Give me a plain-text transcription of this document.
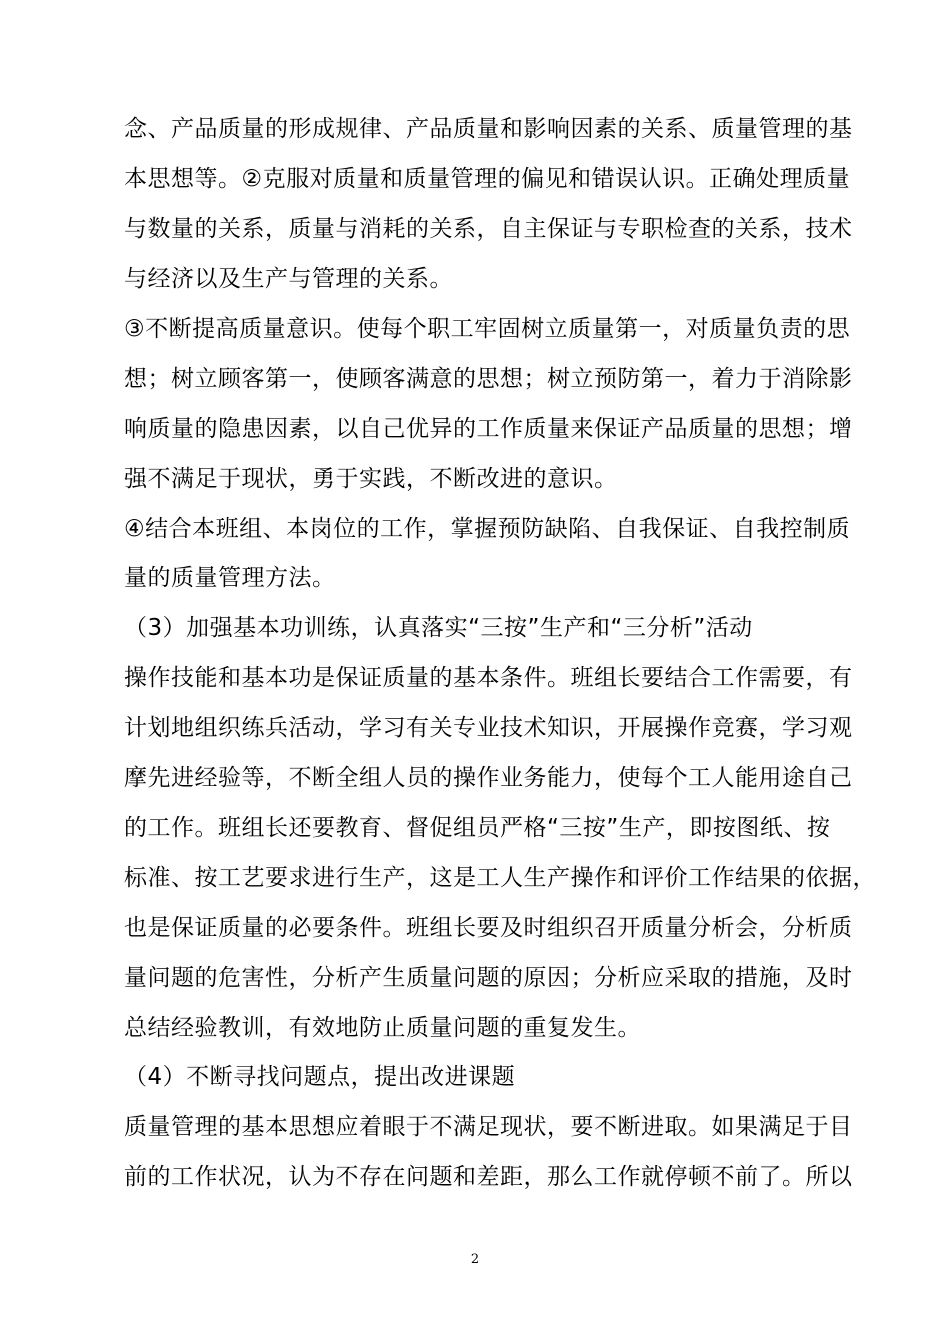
念、产品质量的形成规律、产品质量和影响因素的关系、质量管理的基

本思想等。②克服对质量和质量管理的偏见和错误认识。正确处理质量

与数量的关系，质量与消耗的关系，自主保证与专职检查的关系，技术

与经济以及生产与管理的关系。

③不断提高质量意识。使每个职工牢固树立质量第一，对质量负责的思

想；树立顾客第一，使顾客满意的思想；树立预防第一，着力于消除影

响质量的隐患因素，以自己优异的工作质量来保证产品质量的思想；增

强不满足于现状，勇于实践，不断改进的意识。

④结合本班组、本岗位的工作，掌握预防缺陷、自我保证、自我控制质

量的质量管理方法。

（3）加强基本功训练，认真落实“三按”生产和“三分析”活动

操作技能和基本功是保证质量的基本条件。班组长要结合工作需要，有

计划地组织练兵活动，学习有关专业技术知识，开展操作竞赛，学习观

摩先进经验等，不断全组人员的操作业务能力，使每个工人能用途自己

的工作。班组长还要教育、督促组员严格“三按”生产，即按图纸、按

标准、按工艺要求进行生产，这是工人生产操作和评价工作结果的依据，

也是保证质量的必要条件。班组长要及时组织召开质量分析会，分析质

量问题的危害性，分析产生质量问题的原因；分析应采取的措施，及时

总结经验教训，有效地防止质量问题的重复发生。

（4）不断寻找问题点，提出改进课题

质量管理的基本思想应着眼于不满足现状，要不断进取。如果满足于目

前的工作状况，认为不存在问题和差距，那么工作就停顿不前了。所以

2
